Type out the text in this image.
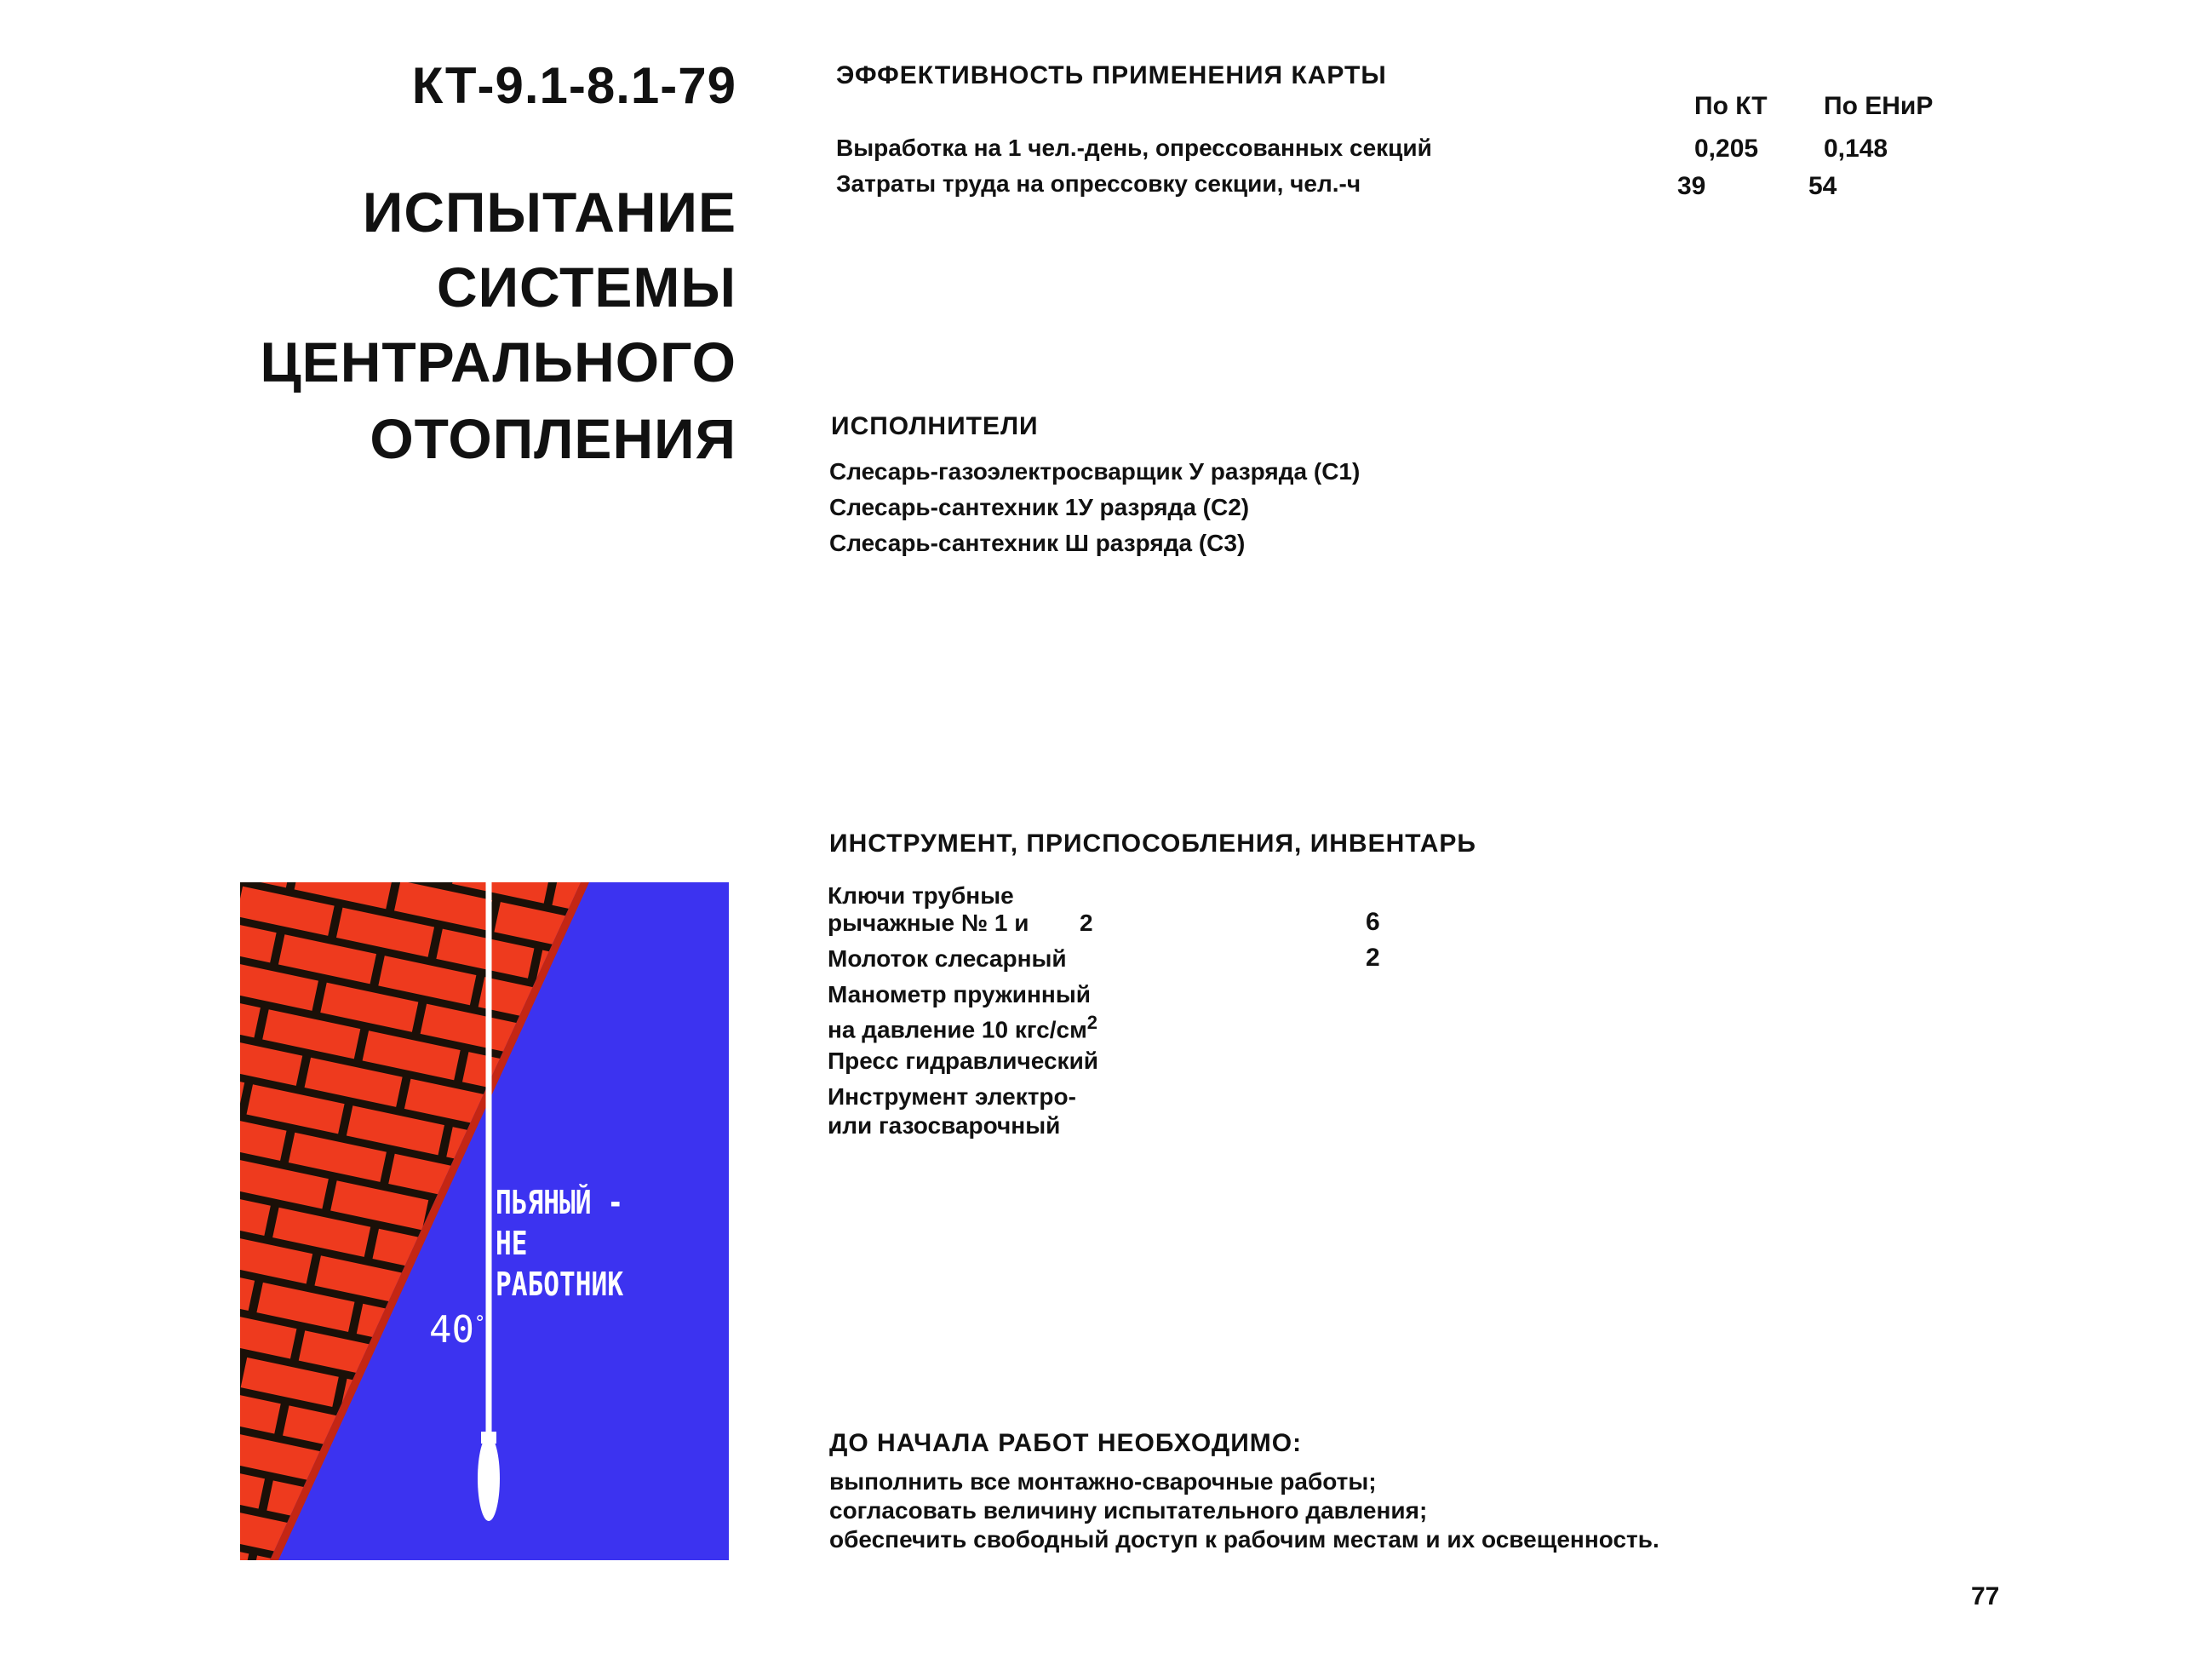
КТ-9.1-8.1-79
ИСПЫТАНИЕ
СИСТЕМЫ
ЦЕНТРАЛЬНОГО
ОТОПЛЕНИЯ
ЭФФЕКТИВНОСТЬ ПРИМЕНЕНИЯ КАРТЫ
По КТ По ЕНиР
Выработка на 1 чел.-день, опрессованных секций	0,205	0,148
Затраты труда на опрессовку секции, чел.-ч	39	54
ИСПОЛНИТЕЛИ
Слесарь-газоэлектросварщик У разряда (С1)
Слесарь-сантехник 1У разряда (С2)
Слесарь-сантехник Ш разряда (С3)
ИНСТРУМЕНТ, ПРИСПОСОБЛЕНИЯ, ИНВЕНТАРЬ
Ключи трубные
рычажные № 1 и 2	6
Молоток слесарный	2
Манометр пружинный
на давление 10 кгс/$см^2$
Пресс гидравлический
Инструмент электро-
или газосварочный
ДО НАЧАЛА РАБОТ НЕОБХОДИМО:
выполнить все монтажно-сварочные работы;
согласовать величину испытательного давления;
обеспечить свободный доступ к рабочим местам и их освещенность.
ПЬЯНЫЙ -
НЕ
РАБОТНИК
40°
77
